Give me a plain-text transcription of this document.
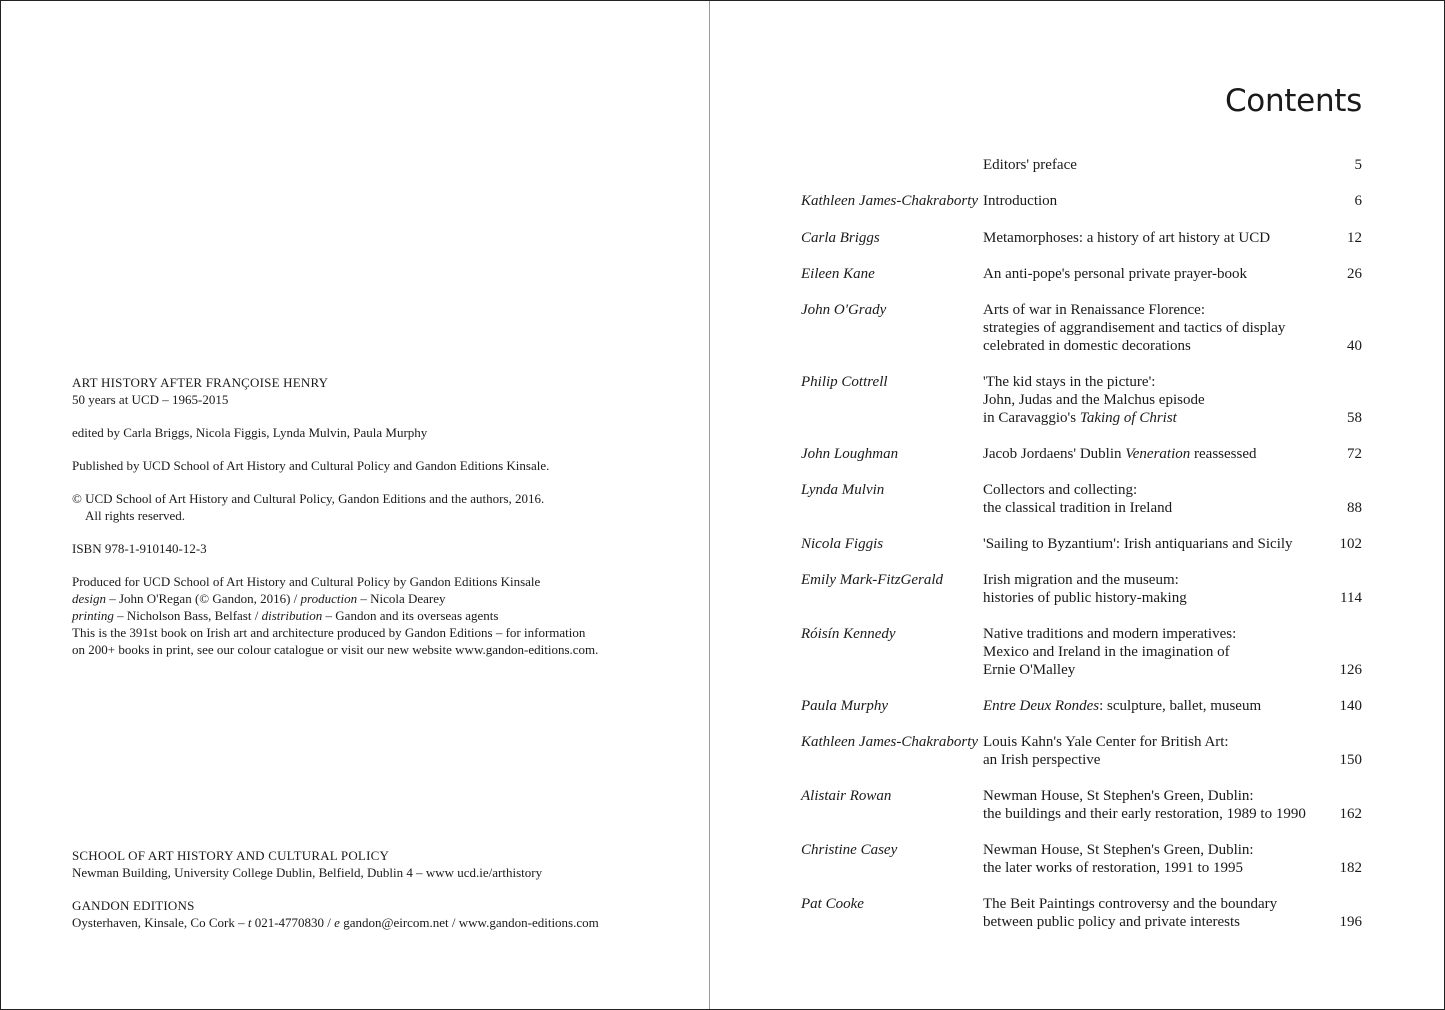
ART HISTORY AFTER FRANÇOISE HENRY

50 years at UCD – 1965-2015

edited by Carla Briggs, Nicola Figgis, Lynda Mulvin, Paula Murphy

Published by UCD School of Art History and Cultural Policy and Gandon Editions Kinsale.

© UCD School of Art History and Cultural Policy, Gandon Editions and the authors, 2016.

All rights reserved.

ISBN 978-1-910140-12-3

Produced for UCD School of Art History and Cultural Policy by Gandon Editions Kinsale

design – John O'Regan (© Gandon, 2016) / production – Nicola Dearey

printing – Nicholson Bass, Belfast / distribution – Gandon and its overseas agents

This is the 391st book on Irish art and architecture produced by Gandon Editions – for information

on 200+ books in print, see our colour catalogue or visit our new website www.gandon-editions.com.

SCHOOL OF ART HISTORY AND CULTURAL POLICY

Newman Building, University College Dublin, Belfield, Dublin 4 – www ucd.ie/arthistory

GANDON EDITIONS

Oysterhaven, Kinsale, Co Cork – t 021-4770830 / e gandon@eircom.net / www.gandon-editions.com

Contents
Editors' preface	5
Kathleen James-Chakraborty Introduction	6
Carla Briggs	Metamorphoses: a history of art history at UCD	12
Eileen Kane	An anti-pope's personal private prayer-book	26
John O'Grady	Arts of war in Renaissance Florence:
strategies of aggrandisement and tactics of display
celebrated in domestic decorations	40
Philip Cottrell	'The kid stays in the picture':
John, Judas and the Malchus episode
in Caravaggio's Taking of Christ	58
John Loughman	Jacob Jordaens' Dublin Veneration reassessed	72
Lynda Mulvin	Collectors and collecting:
the classical tradition in Ireland	88
Nicola Figgis	'Sailing to Byzantium': Irish antiquarians and Sicily	102
Emily Mark-FitzGerald	Irish migration and the museum:
histories of public history-making	114
Róisín Kennedy	Native traditions and modern imperatives:
Mexico and Ireland in the imagination of
Ernie O'Malley	126
Paula Murphy	Entre Deux Rondes: sculpture, ballet, museum	140
Kathleen James-Chakraborty Louis Kahn's Yale Center for British Art:
an Irish perspective	150
Alistair Rowan	Newman House, St Stephen's Green, Dublin:
the buildings and their early restoration, 1989 to 1990	162
Christine Casey	Newman House, St Stephen's Green, Dublin:
the later works of restoration, 1991 to 1995	182
Pat Cooke	The Beit Paintings controversy and the boundary
between public policy and private interests	196
